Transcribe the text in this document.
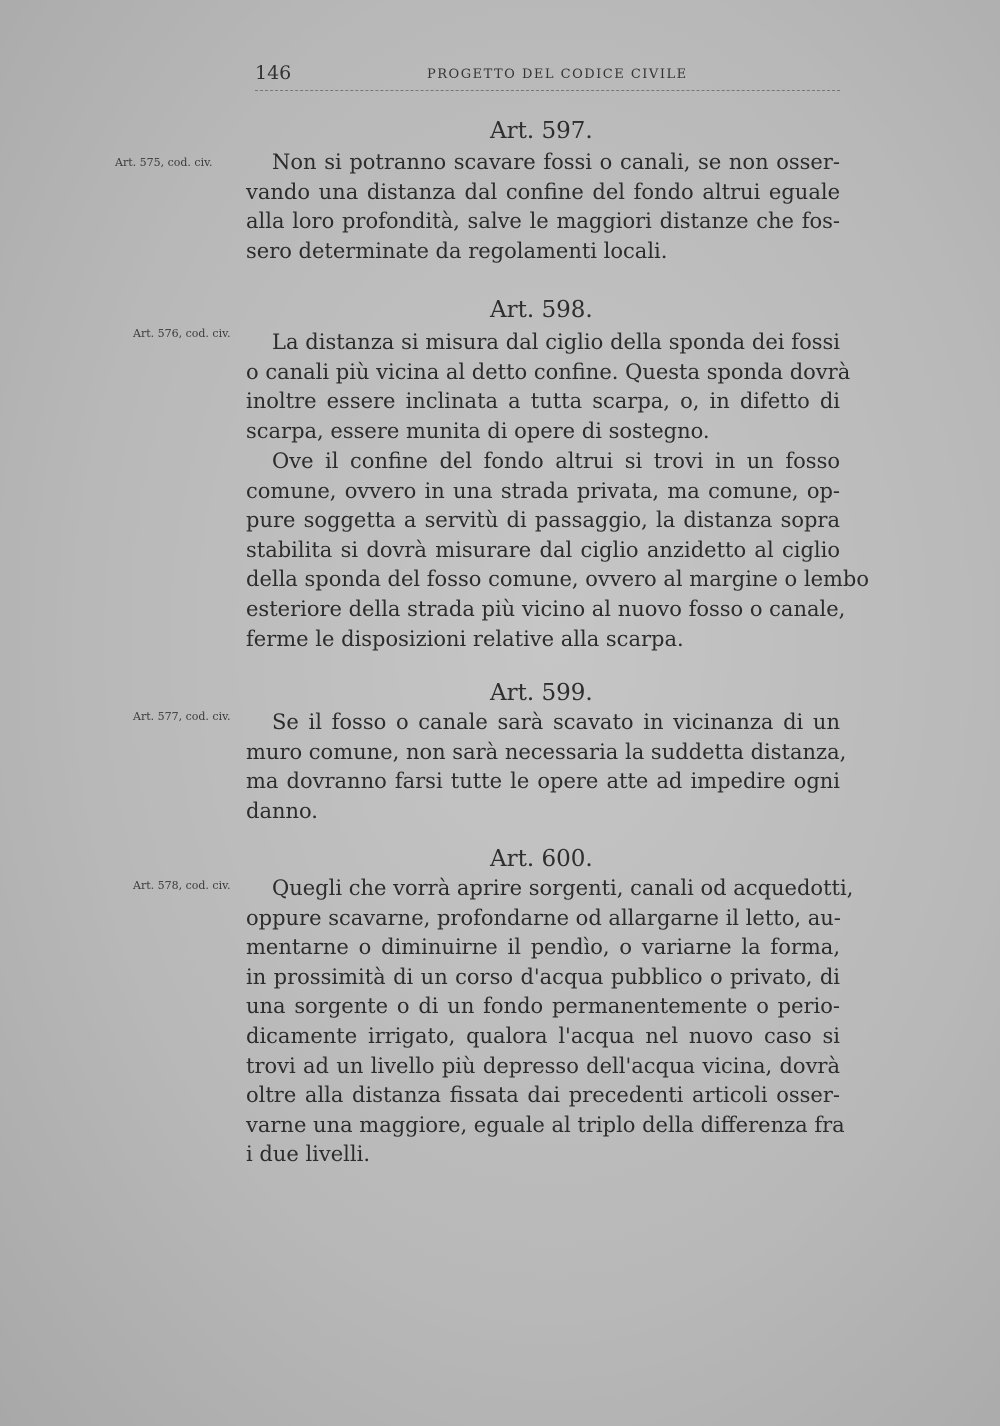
146	PROGETTO DEL CODICE CIVILE
Art. 597.
Art. 575, cod. civ.	Non si potranno scavare fossi o canali, se non osser-
vando una distanza dal confine del fondo altrui eguale
alla loro profondità, salve le maggiori distanze che fos-
sero determinate da regolamenti locali.
Art. 598.
Art. 576, cod. civ.	La distanza si misura dal ciglio della sponda dei fossi
o canali più vicina al detto confine. Questa sponda dovrà
inoltre essere inclinata a tutta scarpa, o, in difetto di
scarpa, essere munita di opere di sostegno.
Ove il confine del fondo altrui si trovi in un fosso
comune, ovvero in una strada privata, ma comune, op-
pure soggetta a servitù di passaggio, la distanza sopra
stabilita si dovrà misurare dal ciglio anzidetto al ciglio
della sponda del fosso comune, ovvero al margine o lembo
esteriore della strada più vicino al nuovo fosso o canale,
ferme le disposizioni relative alla scarpa.
Art. 599.
Art. 577, cod. civ.	Se il fosso o canale sarà scavato in vicinanza di un
muro comune, non sarà necessaria la suddetta distanza,
ma dovranno farsi tutte le opere atte ad impedire ogni
danno.
Art. 600.
Art. 578, cod. civ.	Quegli che vorrà aprire sorgenti, canali od acquedotti,
oppure scavarne, profondarne od allargarne il letto, au-
mentarne o diminuirne il pendìo, o variarne la forma,
in prossimità di un corso d'acqua pubblico o privato, di
una sorgente o di un fondo permanentemente o perio-
dicamente irrigato, qualora l'acqua nel nuovo caso si
trovi ad un livello più depresso dell'acqua vicina, dovrà
oltre alla distanza fissata dai precedenti articoli osser-
varne una maggiore, eguale al triplo della differenza fra
i due livelli.
